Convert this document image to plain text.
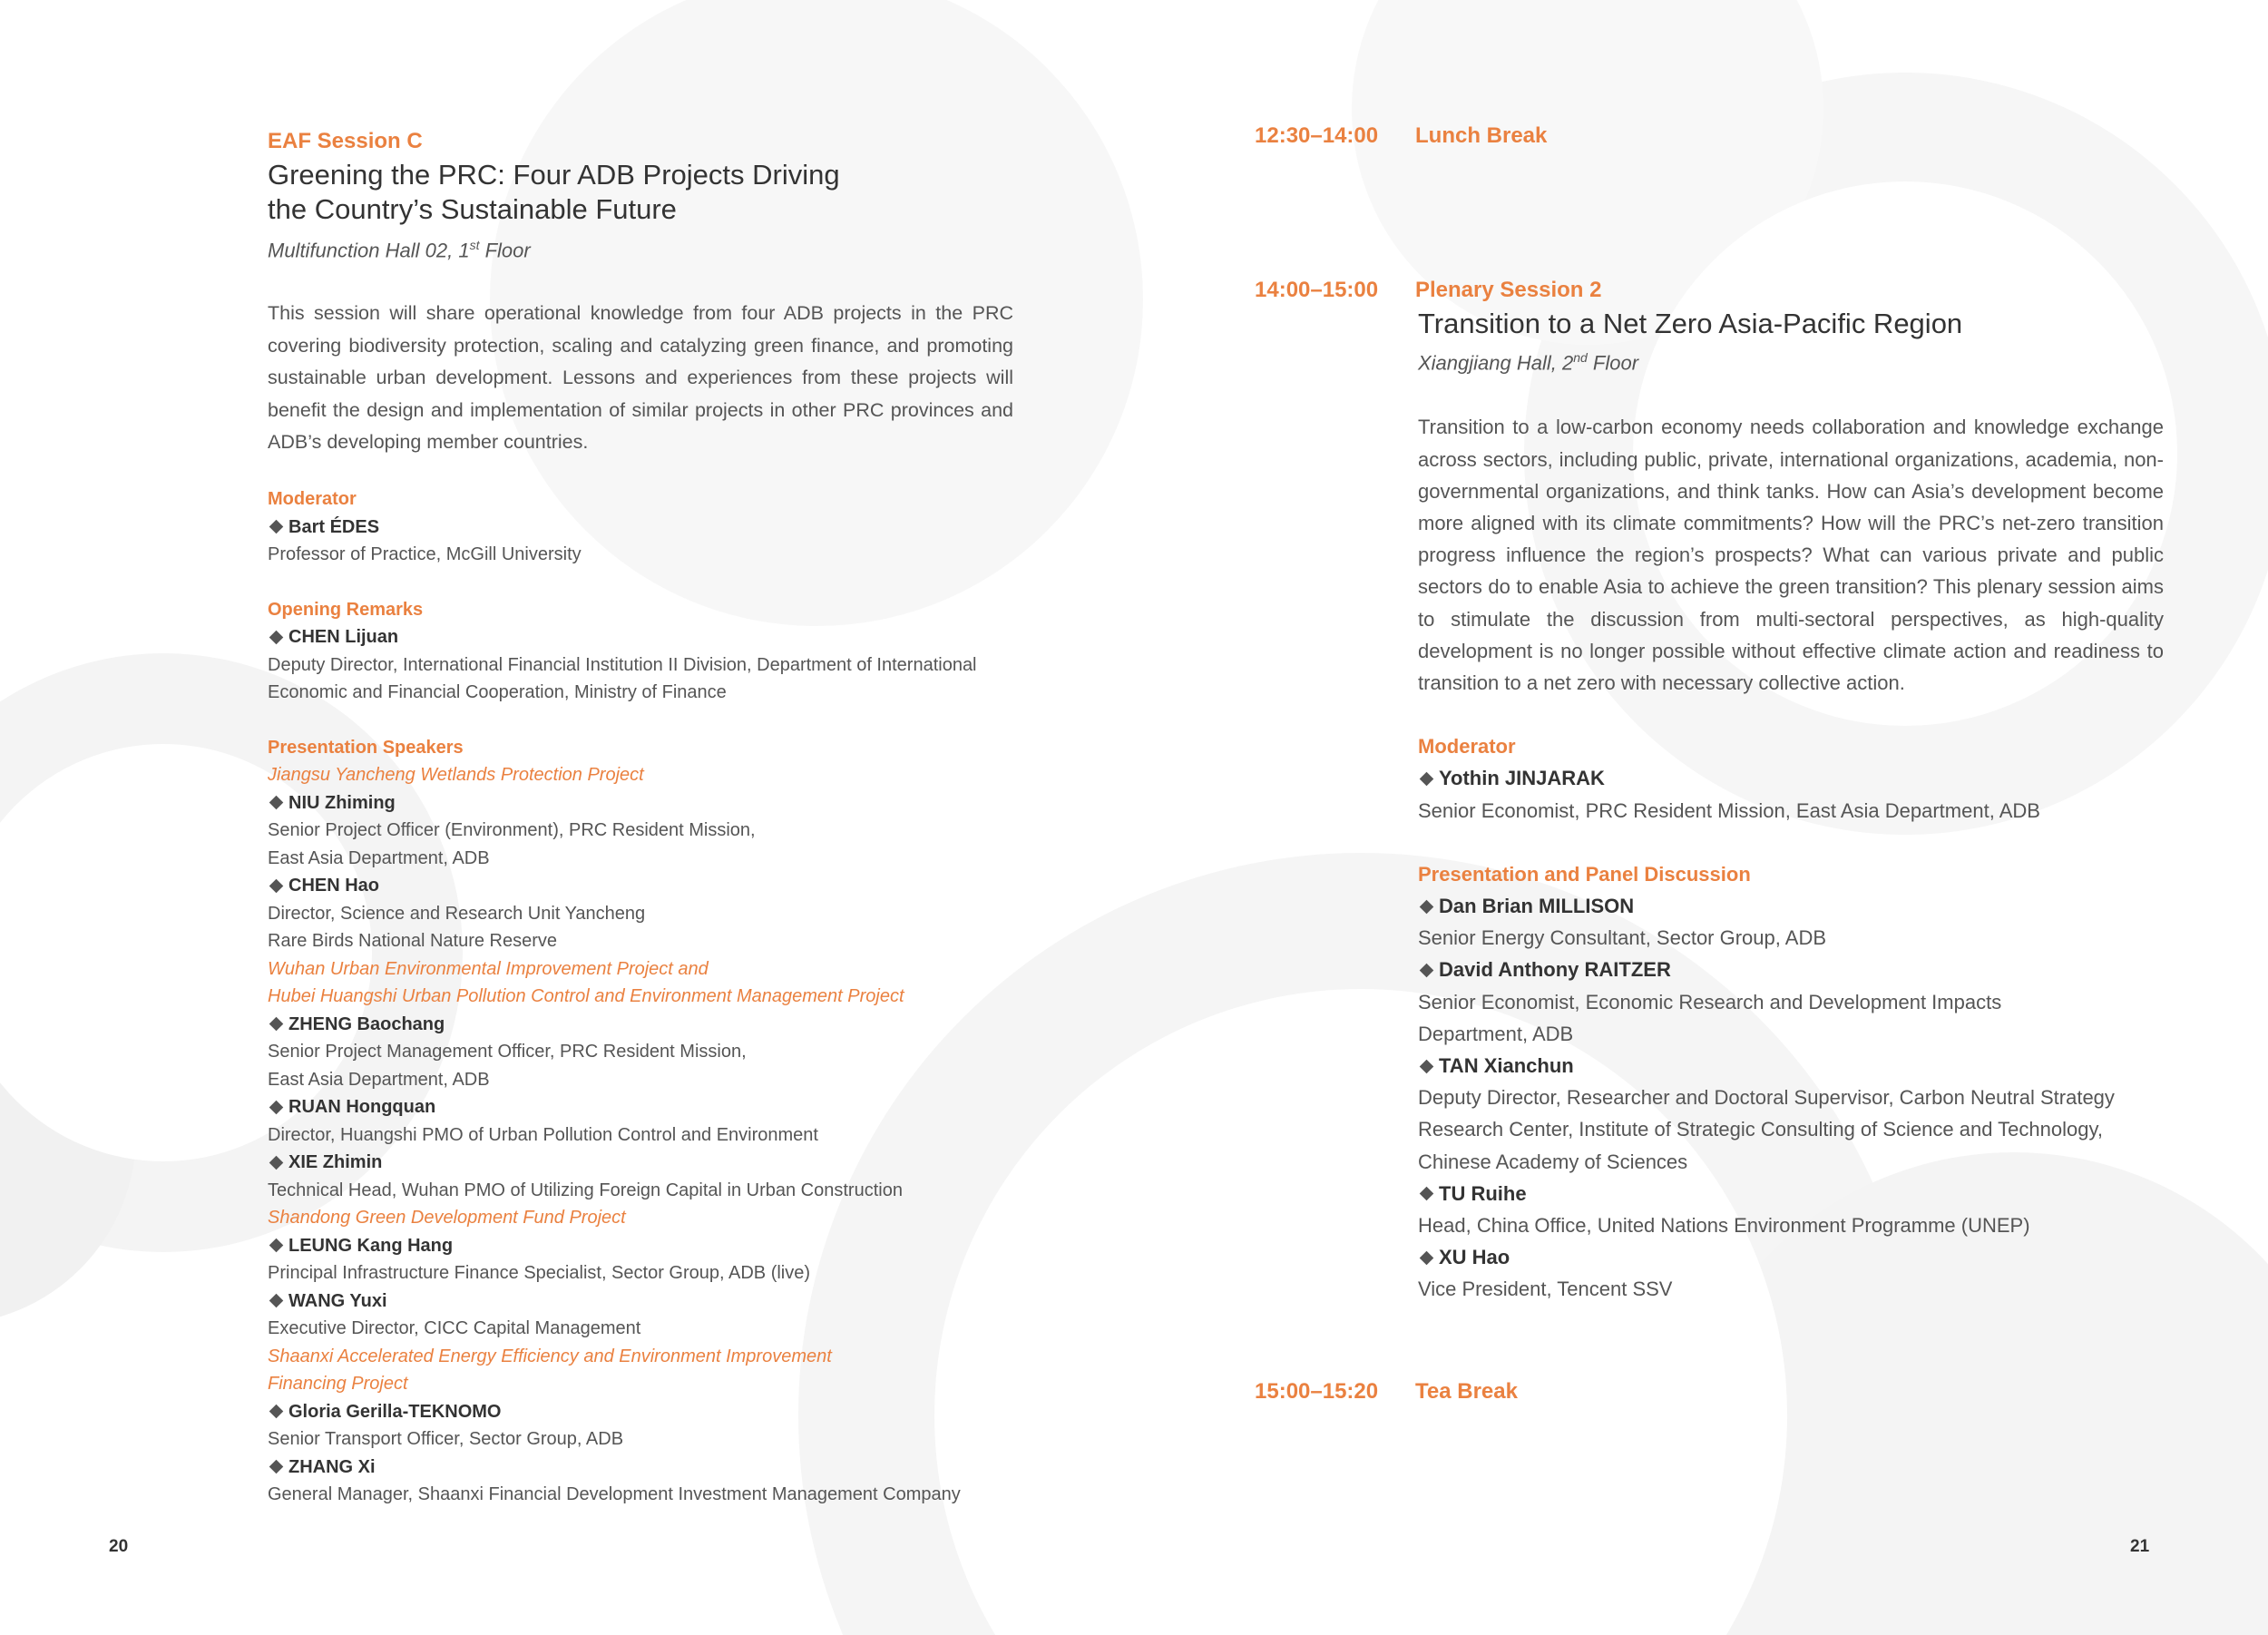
EAF Session C
Greening the PRC: Four ADB Projects Driving
the Country’s Sustainable Future
Multifunction Hall 02, 1st Floor
This session will share operational knowledge from four ADB projects in the PRC covering biodiversity protection, scaling and catalyzing green finance, and promoting sustainable urban development. Lessons and experiences from these projects will benefit the design and implementation of similar projects in other PRC provinces and ADB’s developing member countries.
Moderator
Bart ÉDES
Professor of Practice, McGill University
Opening Remarks
CHEN Lijuan
Deputy Director, International Financial Institution II Division, Department of International
Economic and Financial Cooperation, Ministry of Finance
Presentation Speakers
Jiangsu Yancheng Wetlands Protection Project
NIU Zhiming
Senior Project Officer (Environment), PRC Resident Mission,
East Asia Department, ADB
CHEN Hao
Director, Science and Research Unit Yancheng
Rare Birds National Nature Reserve
Wuhan Urban Environmental Improvement Project and
Hubei Huangshi Urban Pollution Control and Environment Management Project
ZHENG Baochang
Senior Project Management Officer, PRC Resident Mission,
East Asia Department, ADB
RUAN Hongquan
Director, Huangshi PMO of Urban Pollution Control and Environment
XIE Zhimin
Technical Head, Wuhan PMO of Utilizing Foreign Capital in Urban Construction
Shandong Green Development Fund Project
LEUNG Kang Hang
Principal Infrastructure Finance Specialist, Sector Group, ADB (live)
WANG Yuxi
Executive Director, CICC Capital Management
Shaanxi Accelerated Energy Efficiency and Environment Improvement
Financing Project
Gloria Gerilla-TEKNOMO
Senior Transport Officer, Sector Group, ADB
ZHANG Xi
General Manager, Shaanxi Financial Development Investment Management Company
20
12:30–14:00 Lunch Break
14:00–15:00 Plenary Session 2
Transition to a Net Zero Asia-Pacific Region
Xiangjiang Hall, 2nd Floor
Transition to a low-carbon economy needs collaboration and knowledge exchange across sectors, including public, private, international organizations, academia, non-governmental organizations, and think tanks. How can Asia’s development become more aligned with its climate commitments? How will the PRC’s net-zero transition progress influence the region’s prospects? What can various private and public sectors do to enable Asia to achieve the green transition? This plenary session aims to stimulate the discussion from multi-sectoral perspectives, as high-quality development is no longer possible without effective climate action and readiness to transition to a net zero with necessary collective action.
Moderator
Yothin JINJARAK
Senior Economist, PRC Resident Mission, East Asia Department, ADB
Presentation and Panel Discussion
Dan Brian MILLISON
Senior Energy Consultant, Sector Group, ADB
David Anthony RAITZER
Senior Economist, Economic Research and Development Impacts
Department, ADB
TAN Xianchun
Deputy Director, Researcher and Doctoral Supervisor, Carbon Neutral Strategy
Research Center, Institute of Strategic Consulting of Science and Technology,
Chinese Academy of Sciences
TU Ruihe
Head, China Office, United Nations Environment Programme (UNEP)
XU Hao
Vice President, Tencent SSV
15:00–15:20 Tea Break
21
